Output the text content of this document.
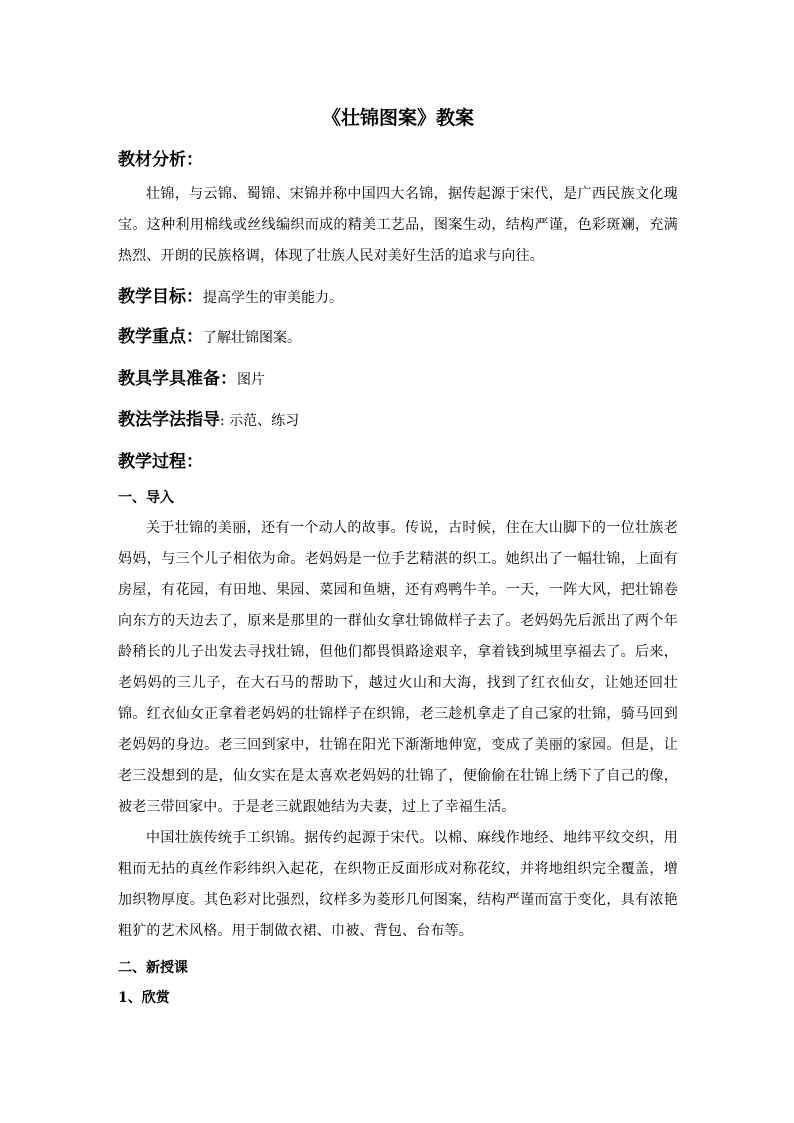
《壮锦图案》教案
教材分析：
壮锦，与云锦、蜀锦、宋锦并称中国四大名锦，据传起源于宋代，是广西民族文化瑰宝。这种利用棉线或丝线编织而成的精美工艺品，图案生动，结构严谨，色彩斑斓，充满热烈、开朗的民族格调，体现了壮族人民对美好生活的追求与向往。
教学目标：提高学生的审美能力。
教学重点：了解壮锦图案。
教具学具准备：图片
教法学法指导: 示范、练习
教学过程：
一、导入
关于壮锦的美丽，还有一个动人的故事。传说，古时候，住在大山脚下的一位壮族老妈妈，与三个儿子相依为命。老妈妈是一位手艺精湛的织工。她织出了一幅壮锦，上面有房屋，有花园，有田地、果园、菜园和鱼塘，还有鸡鸭牛羊。一天，一阵大风，把壮锦卷向东方的天边去了，原来是那里的一群仙女拿壮锦做样子去了。老妈妈先后派出了两个年龄稍长的儿子出发去寻找壮锦，但他们都畏惧路途艰辛，拿着钱到城里享福去了。后来，老妈妈的三儿子，在大石马的帮助下，越过火山和大海，找到了红衣仙女，让她还回壮锦。红衣仙女正拿着老妈妈的壮锦样子在织锦，老三趁机拿走了自己家的壮锦，骑马回到老妈妈的身边。老三回到家中，壮锦在阳光下渐渐地伸宽，变成了美丽的家园。但是，让老三没想到的是，仙女实在是太喜欢老妈妈的壮锦了，便偷偷在壮锦上绣下了自己的像，被老三带回家中。于是老三就跟她结为夫妻，过上了幸福生活。
中国壮族传统手工织锦。据传约起源于宋代。以棉、麻线作地经、地纬平纹交织，用粗而无拈的真丝作彩纬织入起花，在织物正反面形成对称花纹，并将地组织完全覆盖，增加织物厚度。其色彩对比强烈，纹样多为菱形几何图案，结构严谨而富于变化，具有浓艳粗犷的艺术风格。用于制做衣裙、巾被、背包、台布等。
二、新授课
1、欣赏
